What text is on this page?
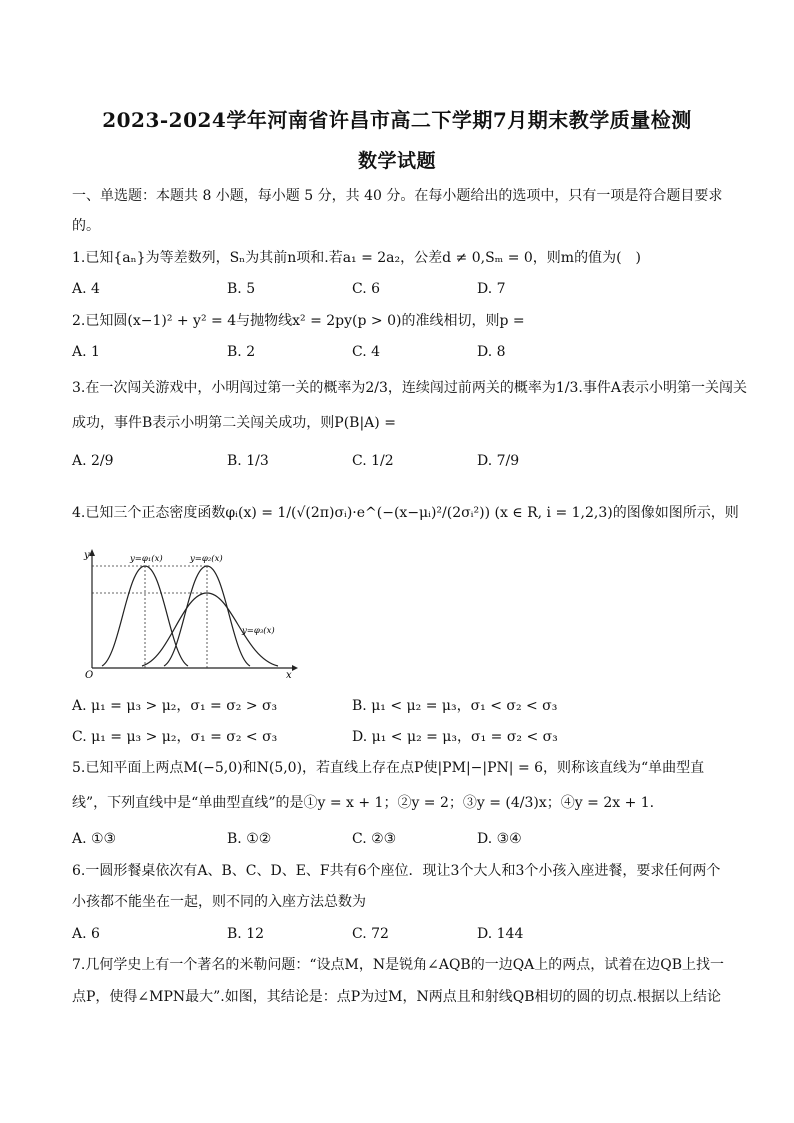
2023-2024学年河南省许昌市高二下学期7月期末教学质量检测
数学试题
一、单选题：本题共 8 小题，每小题 5 分，共 40 分。在每小题给出的选项中，只有一项是符合题目要求
的。
1.已知{aₙ}为等差数列，Sₙ为其前n项和.若a₁ = 2a₂，公差d ≠ 0,Sₘ = 0，则m的值为(　)
A. 4	B. 5	C. 6	D. 7
2.已知圆(x−1)² + y² = 4与抛物线x² = 2py(p > 0)的准线相切，则p =
A. 1	B. 2	C. 4	D. 8
3.在一次闯关游戏中，小明闯过第一关的概率为2/3，连续闯过前两关的概率为1/3.事件A表示小明第一关闯关
成功，事件B表示小明第二关闯关成功，则P(B|A) =
A. 2/9	B. 1/3	C. 1/2	D. 7/9
4.已知三个正态密度函数φᵢ(x) = 1/(√(2π)σᵢ)·e^(−(x−μᵢ)²/(2σᵢ²)) (x ∈ R, i = 1,2,3)的图像如图所示，则
y
x
O
y=φ₁(x)	y=φ₂(x)
y=φ₃(x)
A. μ₁ = μ₃ > μ₂，σ₁ = σ₂ > σ₃	B. μ₁ < μ₂ = μ₃，σ₁ < σ₂ < σ₃
C. μ₁ = μ₃ > μ₂，σ₁ = σ₂ < σ₃	D. μ₁ < μ₂ = μ₃，σ₁ = σ₂ < σ₃
5.已知平面上两点M(−5,0)和N(5,0)，若直线上存在点P使|PM|−|PN| = 6，则称该直线为“单曲型直
线”，下列直线中是“单曲型直线”的是①y = x + 1；②y = 2；③y = (4/3)x；④y = 2x + 1.
A. ①③	B. ①②	C. ②③	D. ③④
6.一圆形餐桌依次有A、B、C、D、E、F共有6个座位．现让3个大人和3个小孩入座进餐，要求任何两个
小孩都不能坐在一起，则不同的入座方法总数为
A. 6	B. 12	C. 72	D. 144
7.几何学史上有一个著名的米勒问题：“设点M，N是锐角∠AQB的一边QA上的两点，试着在边QB上找一
点P，使得∠MPN最大”.如图，其结论是：点P为过M，N两点且和射线QB相切的圆的切点.根据以上结论
